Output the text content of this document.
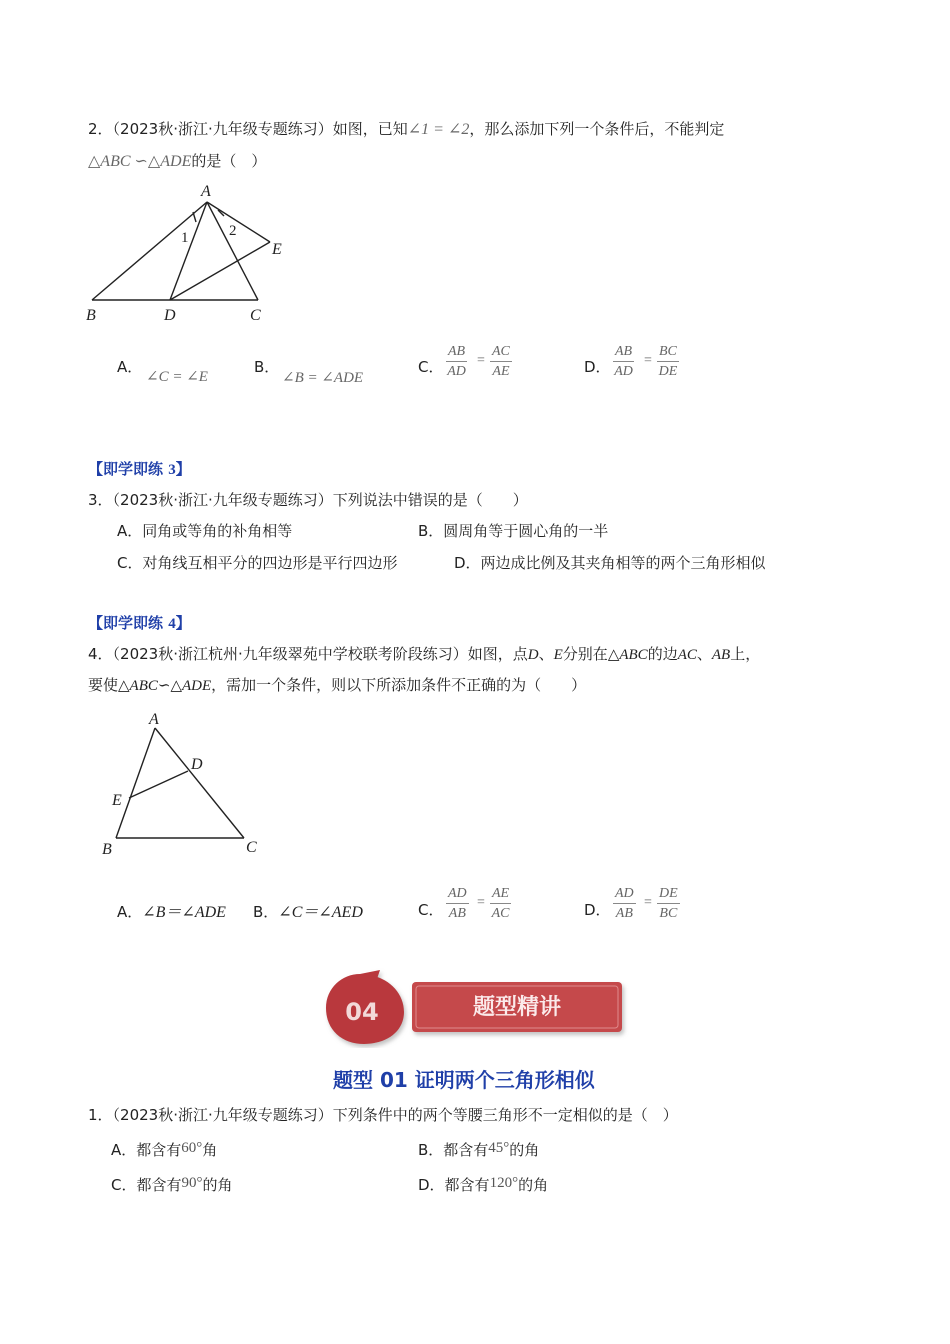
2．（2023秋·浙江·九年级专题练习）如图，已知∠1 = ∠2，那么添加下列一个条件后，不能判定
△ABC ∽△ADE的是（　）
A
B	D	C
E
1	2
A．
∠C = ∠E
B．
∠B = ∠ADE
C． $\frac{AB}{AD} = \frac{AC}{AE}$	D． $\frac{AB}{AD} = \frac{BC}{DE}$
【即学即练 3】
3．（2023秋·浙江·九年级专题练习）下列说法中错误的是（　　）
A．同角或等角的补角相等	B．圆周角等于圆心角的一半
C．对角线互相平分的四边形是平行四边形	D．两边成比例及其夹角相等的两个三角形相似
【即学即练 4】
4．（2023秋·浙江杭州·九年级翠苑中学校联考阶段练习）如图，点D、E分别在△ABC的边AC、AB上，
要使△ABC∽△ADE，需加一个条件，则以下所添加条件不正确的为（　　）
A
D
E
B	C
A．∠B＝∠ADE B．∠C＝∠AED	C． $\frac{AD}{AB} = \frac{AE}{AC}$	D． $\frac{AD}{AB} = \frac{DE}{BC}$
04	题型精讲
题型 01 证明两个三角形相似
1．（2023秋·浙江·九年级专题练习）下列条件中的两个等腰三角形不一定相似的是（　）
A．都含有60°角	B．都含有45°的角
C．都含有90°的角	D．都含有120°的角
